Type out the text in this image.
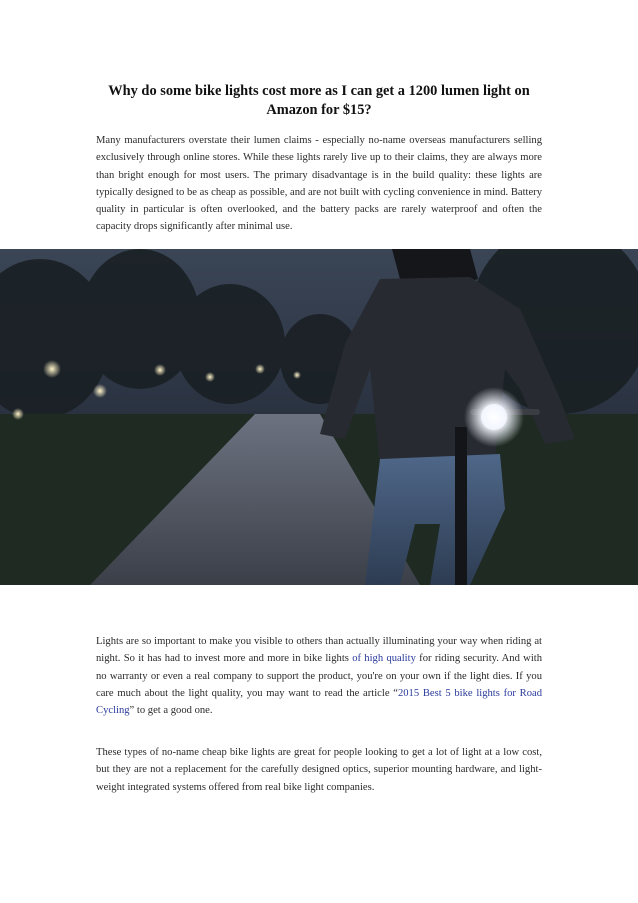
Why do some bike lights cost more as I can get a 1200 lumen light on Amazon for $15?
Many manufacturers overstate their lumen claims - especially no-name overseas manufacturers selling exclusively through online stores. While these lights rarely live up to their claims, they are always more than bright enough for most users. The primary disadvantage is in the build quality: these lights are typically designed to be as cheap as possible, and are not built with cycling convenience in mind. Battery quality in particular is often overlooked, and the battery packs are rarely waterproof and often the capacity drops significantly after minimal use.
Lights are so important to make you visible to others than actually illuminating your way when riding at night. So it has had to invest more and more in bike lights of high quality for riding security. And with no warranty or even a real company to support the product, you're on your own if the light dies. If you care much about the light quality, you may want to read the article “2015 Best 5 bike lights for Road Cycling” to get a good one.
These types of no-name cheap bike lights are great for people looking to get a lot of light at a low cost, but they are not a replacement for the carefully designed optics, superior mounting hardware, and light-weight integrated systems offered from real bike light companies.
